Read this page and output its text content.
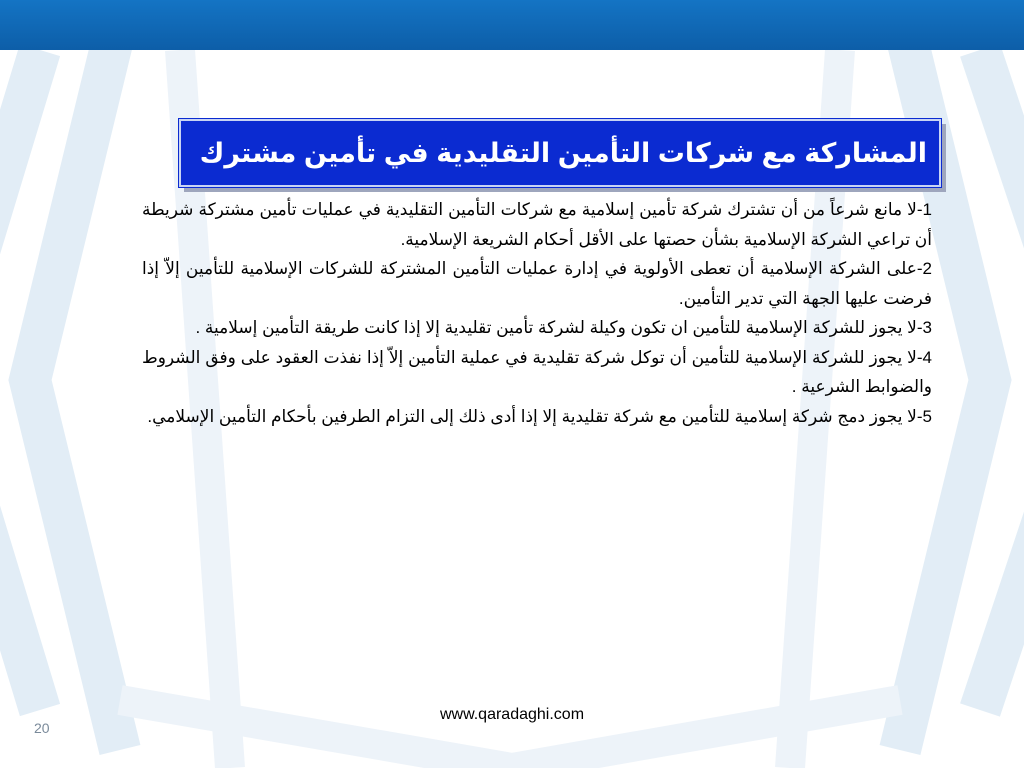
المشاركة مع شركات التأمين التقليدية في تأمين مشترك
1-لا مانع شرعاً من أن تشترك شركة تأمين إسلامية مع شركات التأمين التقليدية في عمليات تأمين مشتركة شريطة أن تراعي الشركة الإسلامية بشأن حصتها على الأقل أحكام الشريعة الإسلامية.
2-على الشركة الإسلامية أن تعطى الأولوية في إدارة عمليات التأمين المشتركة للشركات الإسلامية للتأمين إلاّ إذا فرضت عليها الجهة التي تدير التأمين.
3-لا يجوز للشركة الإسلامية للتأمين ان تكون وكيلة لشركة تأمين تقليدية إلا إذا كانت طريقة التأمين إسلامية .
4-لا يجوز للشركة الإسلامية للتأمين أن توكل شركة تقليدية في عملية التأمين إلاّ إذا نفذت العقود على وفق الشروط والضوابط الشرعية .
5-لا يجوز دمج شركة إسلامية للتأمين مع شركة تقليدية إلا إذا أدى ذلك إلى التزام الطرفين بأحكام التأمين الإسلامي.
www.qaradaghi.com
20
